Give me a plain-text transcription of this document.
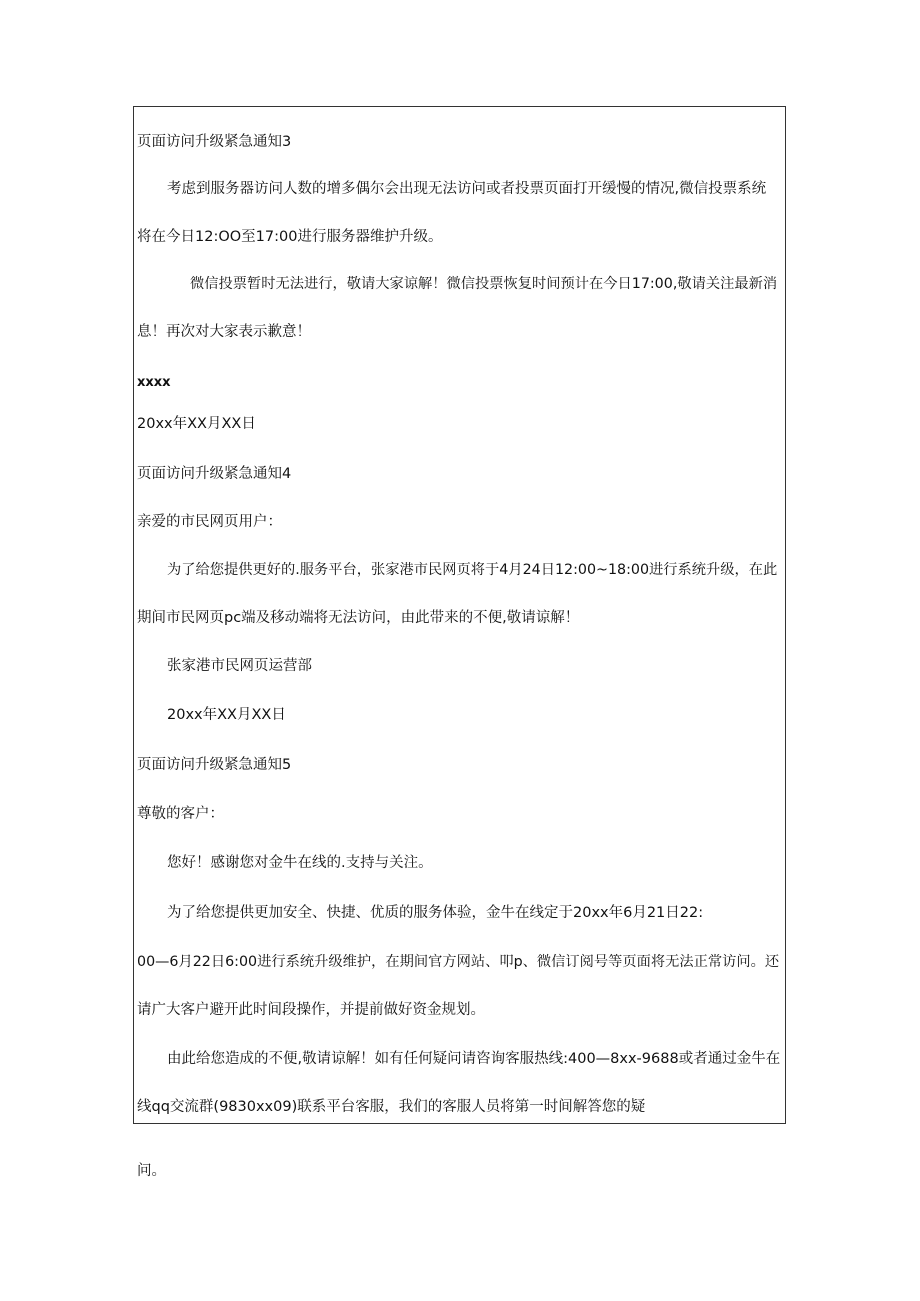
页面访问升级紧急通知3
考虑到服务器访问人数的增多偶尔会出现无法访问或者投票页面打开缓慢的情况,微信投票系统
将在今日12:OO至17:00进行服务器维护升级。
微信投票暂时无法进行，敬请大家谅解！微信投票恢复时间预计在今日17:00,敬请关注最新消
息！再次对大家表示歉意！
xxxx
20xx年XX月XX日
页面访问升级紧急通知4
亲爱的市民网页用户：
为了给您提供更好的.服务平台，张家港市民网页将于4月24日12:00~18:00进行系统升级，在此
期间市民网页pc端及移动端将无法访问，由此带来的不便,敬请谅解！
张家港市民网页运营部
20xx年XX月XX日
页面访问升级紧急通知5
尊敬的客户：
您好！感谢您对金牛在线的.支持与关注。
为了给您提供更加安全、快捷、优质的服务体验，金牛在线定于20xx年6月21日22:
00—6月22日6:00进行系统升级维护，在期间官方网站、叩p、微信订阅号等页面将无法正常访问。还
请广大客户避开此时间段操作，并提前做好资金规划。
由此给您造成的不便,敬请谅解！如有任何疑问请咨询客服热线:400—8xx-9688或者通过金牛在
线qq交流群(9830xx09)联系平台客服，我们的客服人员将第一时间解答您的疑
问。
